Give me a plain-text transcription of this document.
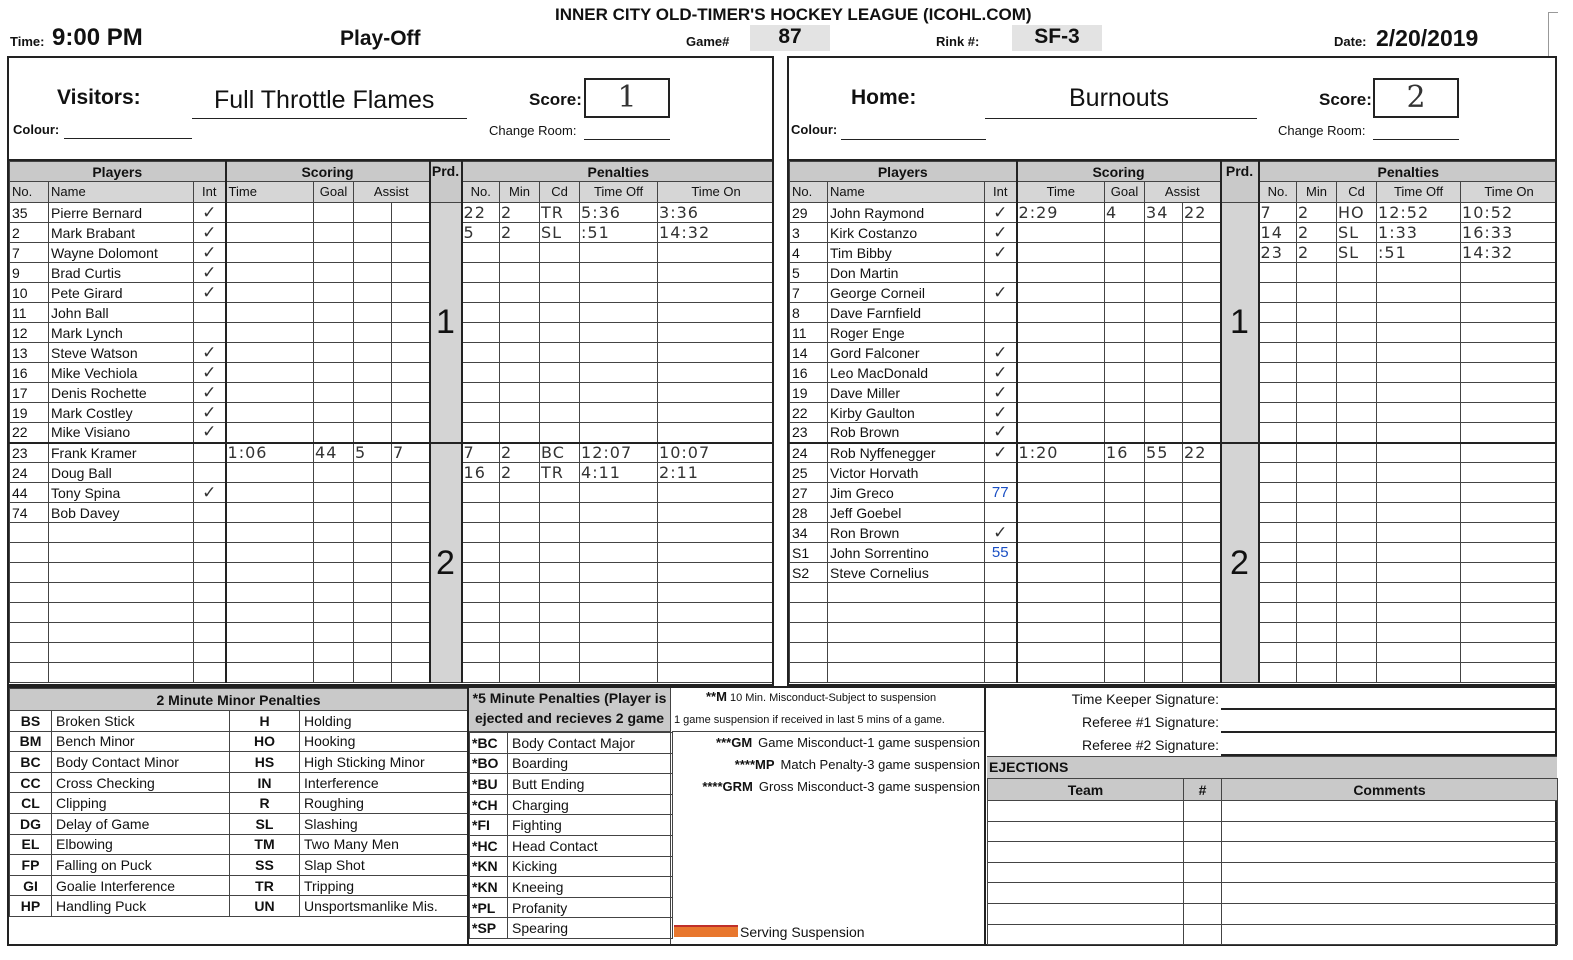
INNER CITY OLD-TIMER'S HOCKEY LEAGUE (ICOHL.COM)
Time: 9:00 PM	Play-Off	Game#	87	Rink #:	SF-3	Date: 2/20/2019
Visitors:	Full Throttle Flames
Colour:
Score:	1
Change Room:
Home:	Burnouts
Colour:
Score:	2
Change Room:
Players			Scoring				Prd.	Penalties				
No.	Name	Int	Time	Goal	Assist			No.	Min	Cd	Time Off	Time On
35	Pierre Bernard	✓					1	22	2	TR	5:36	3:36
2	Mark Brabant	✓						5	2	SL	:51	14:32
7	Wayne Dolomont	✓										
9	Brad Curtis	✓										
10	Pete Girard	✓										
11	John Ball											
12	Mark Lynch											
13	Steve Watson	✓										
16	Mike Vechiola	✓										
17	Denis Rochette	✓										
19	Mark Costley	✓										
22	Mike Visiano	✓										
23	Frank Kramer		1:06	44	5	7	2	7	2	BC	12:07	10:07
24	Doug Ball							16	2	TR	4:11	2:11
44	Tony Spina	✓										
74	Bob Davey											

Players			Scoring				Prd.	Penalties				
No.	Name	Int	Time	Goal	Assist			No.	Min	Cd	Time Off	Time On
29	John Raymond	✓	2:29	4	34	22	1	7	2	HO	12:52	10:52
3	Kirk Costanzo	✓						14	2	SL	1:33	16:33
4	Tim Bibby	✓						23	2	SL	:51	14:32
5	Don Martin											
7	George Corneil	✓										
8	Dave Farnfield											
11	Roger Enge											
14	Gord Falconer	✓										
16	Leo MacDonald	✓										
19	Dave Miller	✓										
22	Kirby Gaulton	✓										
23	Rob Brown	✓										
24	Rob Nyffenegger	✓	1:20	16	55	22	2					
25	Victor Horvath											
27	Jim Greco	77										
28	Jeff Goebel											
34	Ron Brown	✓										
S1	John Sorrentino	55										
S2	Steve Cornelius											

2 Minute Minor Penalties			
BS	Broken Stick	H	Holding
BM	Bench Minor	HO	Hooking
BC	Body Contact Minor	HS	High Sticking Minor
CC	Cross Checking	IN	Interference
CL	Clipping	R	Roughing
DG	Delay of Game	SL	Slashing
EL	Elbowing	TM	Two Many Men
FP	Falling on Puck	SS	Slap Shot
GI	Goalie Interference	TR	Tripping
HP	Handling Puck	UN	Unsportsmanlike Mis.
*5 Minute Penalties (Player is
ejected and recieves 2 game
*BC	Body Contact Major
*BO	Boarding
*BU	Butt Ending
*CH	Charging
*FI	Fighting
*HC	Head Contact
*KN	Kicking
*KN	Kneeing
*PL	Profanity
*SP	Spearing
**M 10 Min. Misconduct-Subject to suspension
1 game suspension if received in last 5 mins of a game.
***GM Game Misconduct-1 game suspension
****MP Match Penalty-3 game suspension
****GRM Gross Misconduct-3 game suspension
Serving Suspension
Time Keeper Signature:
Referee #1 Signature:
Referee #2 Signature:
EJECTIONS
Team	#	Comments
